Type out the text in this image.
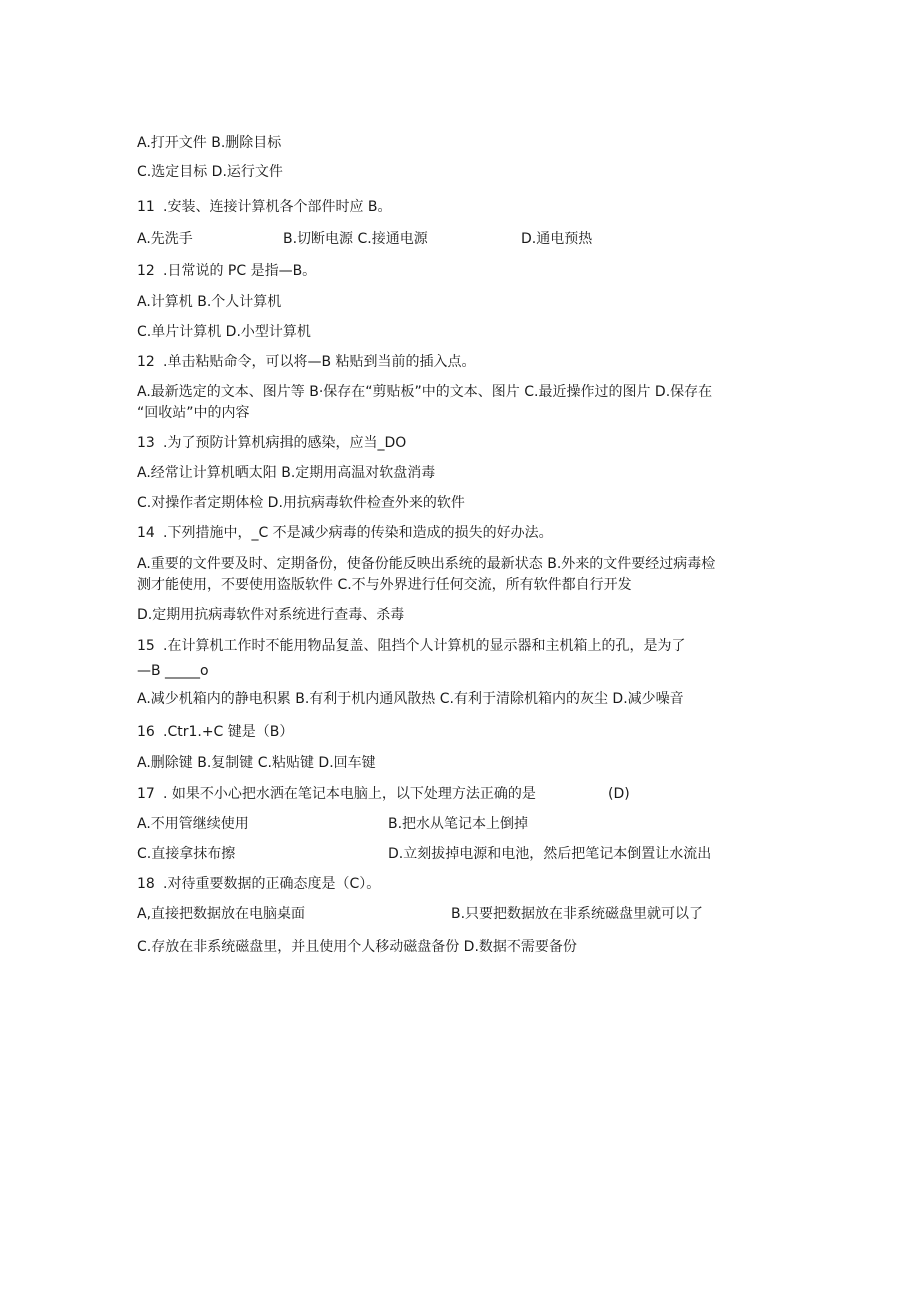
A.打开文件 B.删除目标
C.选定目标 D.运行文件
11 .安装、连接计算机各个部件时应 B。
A.先洗手	B.切断电源 C.接通电源	D.通电预热
12 .日常说的 PC 是指—B。
A.计算机 B.个人计算机
C.单片计算机 D.小型计算机
12 .单击粘贴命令，可以将—B 粘贴到当前的插入点。
A.最新选定的文本、图片等 B·保存在“剪贴板”中的文本、图片 C.最近操作过的图片 D.保存在
“回收站”中的内容
13 .为了预防计算机病揖的感染，应当_DO
A.经常让计算机晒太阳 B.定期用高温对软盘消毒
C.对操作者定期体检 D.用抗病毒软件检查外来的软件
14 .下列措施中，_C 不是减少病毒的传染和造成的损失的好办法。
A.重要的文件要及时、定期备份，使备份能反映出系统的最新状态 B.外来的文件要经过病毒检
测才能使用，不要使用盗版软件 C.不与外界进行任何交流，所有软件都自行开发
D.定期用抗病毒软件对系统进行查毒、杀毒
15 .在计算机工作时不能用物品复盖、阻挡个人计算机的显示器和主机箱上的孔，是为了
—B _____o
A.减少机箱内的静电积累 B.有利于机内通风散热 C.有利于清除机箱内的灰尘 D.减少噪音
16 .Ctr1.+C 键是（B）
A.删除键 B.复制键 C.粘贴键 D.回车键
17 . 如果不小心把水洒在笔记本电脑上，以下处理方法正确的是	(D)
A.不用管继续使用	B.把水从笔记本上倒掉
C.直接拿抹布擦	D.立刻拔掉电源和电池，然后把笔记本倒置让水流出
18 .对待重要数据的正确态度是（C）。
A,直接把数据放在电脑桌面	B.只要把数据放在非系统磁盘里就可以了
C.存放在非系统磁盘里，并且使用个人移动磁盘备份 D.数据不需要备份
